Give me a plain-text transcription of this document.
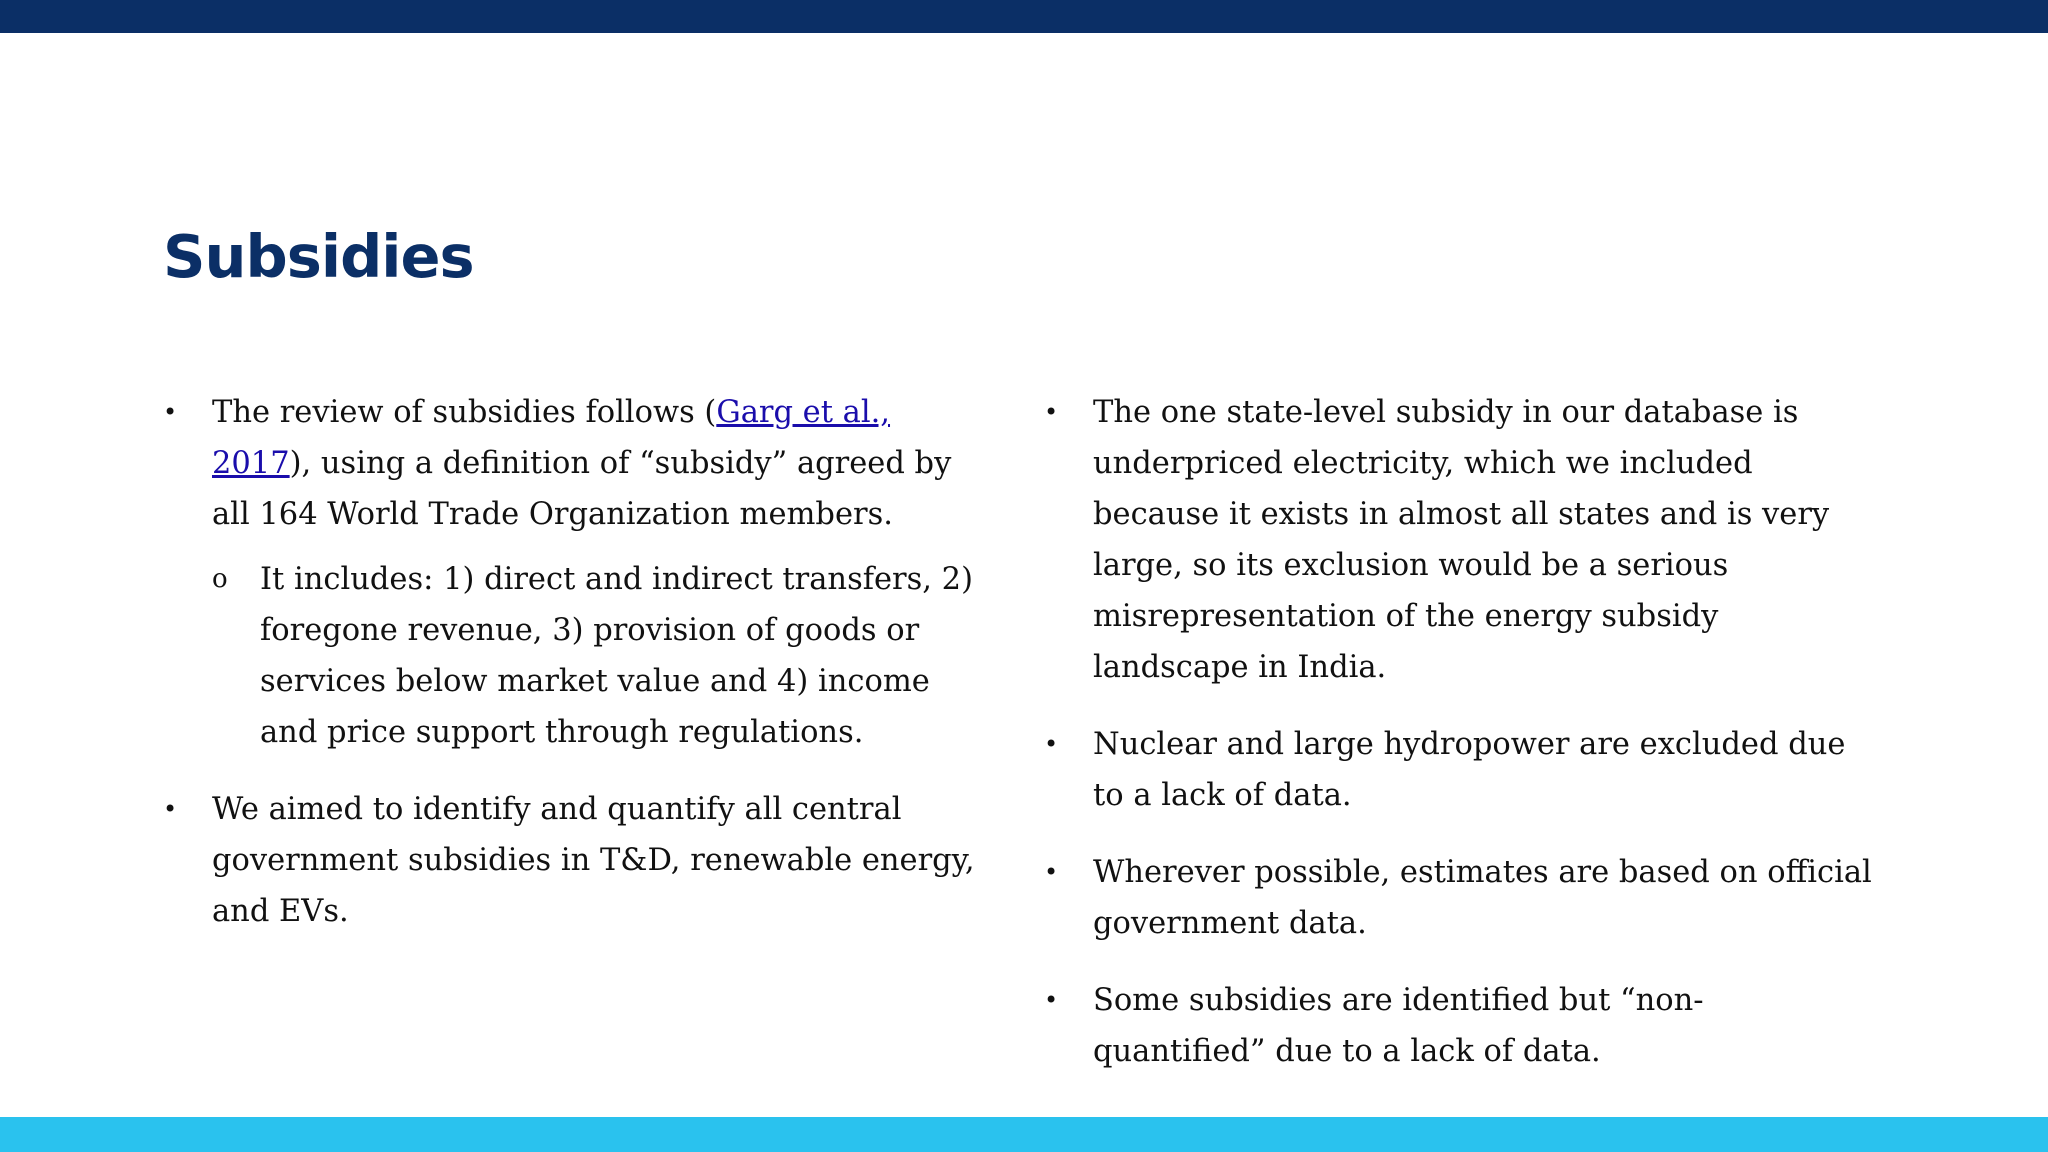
Subsidies
• The review of subsidies follows (Garg et al., 2017), using a definition of “subsidy” agreed by all 164 World Trade Organization members.
o It includes: 1) direct and indirect transfers, 2) foregone revenue, 3) provision of goods or services below market value and 4) income and price support through regulations.
• We aimed to identify and quantify all central government subsidies in T&D, renewable energy, and EVs.
• The one state-level subsidy in our database is underpriced electricity, which we included because it exists in almost all states and is very large, so its exclusion would be a serious misrepresentation of the energy subsidy landscape in India.
• Nuclear and large hydropower are excluded due to a lack of data.
• Wherever possible, estimates are based on official government data.
• Some subsidies are identified but “non-quantified” due to a lack of data.
